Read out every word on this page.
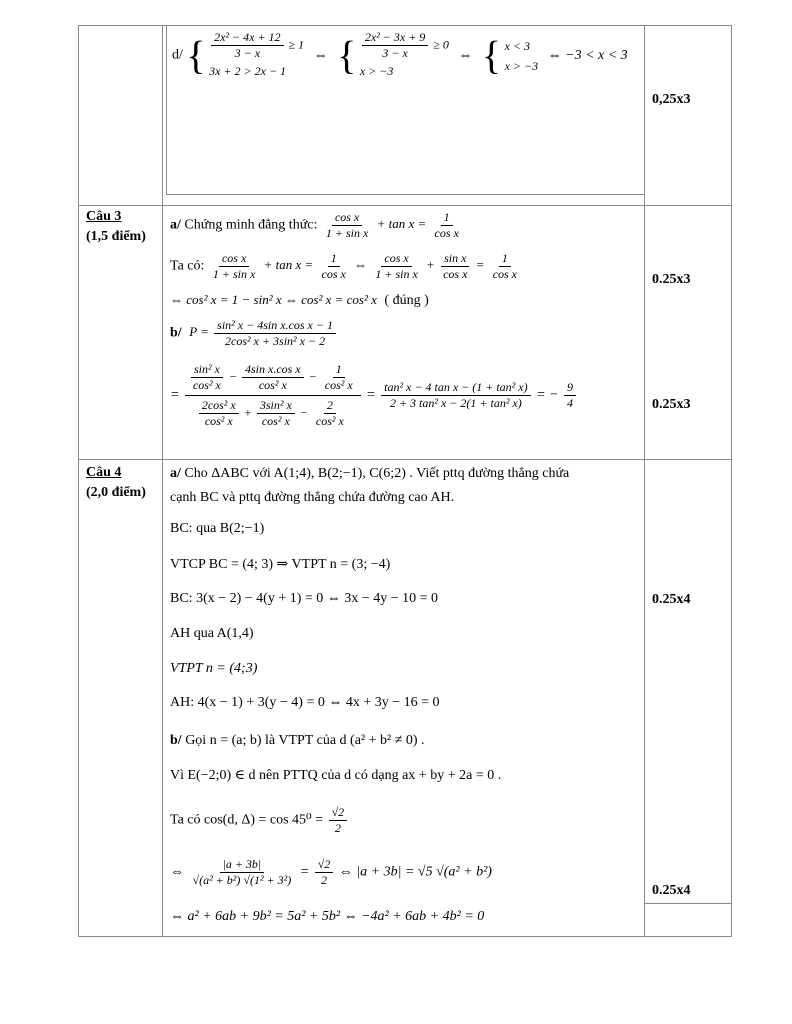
d/ { $\frac{\text{2x² − 4x + 12}}{3 - x} \ge 1$
3x + 2 > 2x − 1
⇔ { $\frac{\text{2x² − 3x + 9}}{3 - x} \ge 0$
x > −3
⇔ { x < 3
x > −3
⇔ −3 < x < 3
0,25x3
Câu 3
(1,5 điểm)
a/ Chứng minh đẳng thức: $\frac{\text{cos x}}{\text{1 + sin x}} + \tan x = \frac{1}{\text{cos x}}$
Ta có: $\frac{\text{cos x}}{\text{1 + sin x}} + \tan x = \frac{1}{\text{cos x}}$ ⇔ $\frac{\text{cos x}}{\text{1 + sin x}} + \frac{\text{sin x}}{\text{cos x}} = \frac{1}{\text{cos x}}$
⇔ cos² x = 1 − sin² x ⇔ cos² x = cos² x ( đúng )
0.25x3
b/ $P = \frac{\text{sin² x − 4sin x.cos x − 1}}{\text{2cos² x + 3sin² x − 2}}$
=
$\frac{\text{sin² x}}{\text{cos² x}} - \frac{\text{4sin x.cos x}}{\text{cos² x}} - \frac{1}{\text{cos² x}}$
$\frac{\text{2cos² x}}{\text{cos² x}} + \frac{\text{3sin² x}}{\text{cos² x}} - \frac{2}{\text{cos² x}}$
= $\frac{\text{tan² x − 4 tan x − (1 + tan² x)}}{\text{2 + 3 tan² x − 2(1 + tan² x)}}$ = − $\frac{9}{4}$	0.25x3
Câu 4
(2,0 điểm)
a/ Cho ΔABC với A(1;4), B(2;−1), C(6;2) . Viết pttq đường thẳng chứa
cạnh BC và pttq đường thẳng chứa đường cao AH.
BC: qua B(2;−1)
VTCP BC = (4; 3) ⇒ VTPT n = (3; −4)
BC: 3(x − 2) − 4(y + 1) = 0 ⇔ 3x − 4y − 10 = 0
AH qua A(1,4)
VTPT n = (4;3)
AH: 4(x − 1) + 3(y − 4) = 0 ⇔ 4x + 3y − 16 = 0
0.25x4
b/ Gọi n = (a; b) là VTPT của d (a² + b² ≠ 0) .
Vì E(−2;0) ∈ d nên PTTQ của d có dạng ax + by + 2a = 0 .
Ta có cos(d, $\Delta) = \cos 45^0 = \frac{√2}{2}$
⇔ $\frac{|a + 3b|}{\text{√(a² + b²) √(1² + 3²)}} = \frac{√2}{2}$ ⇔ |a + 3b| = √5 √(a² + b²)
⇔ a² + 6ab + 9b² = 5a² + 5b² ⇔ −4a² + 6ab + 4b² = 0
0.25x4
